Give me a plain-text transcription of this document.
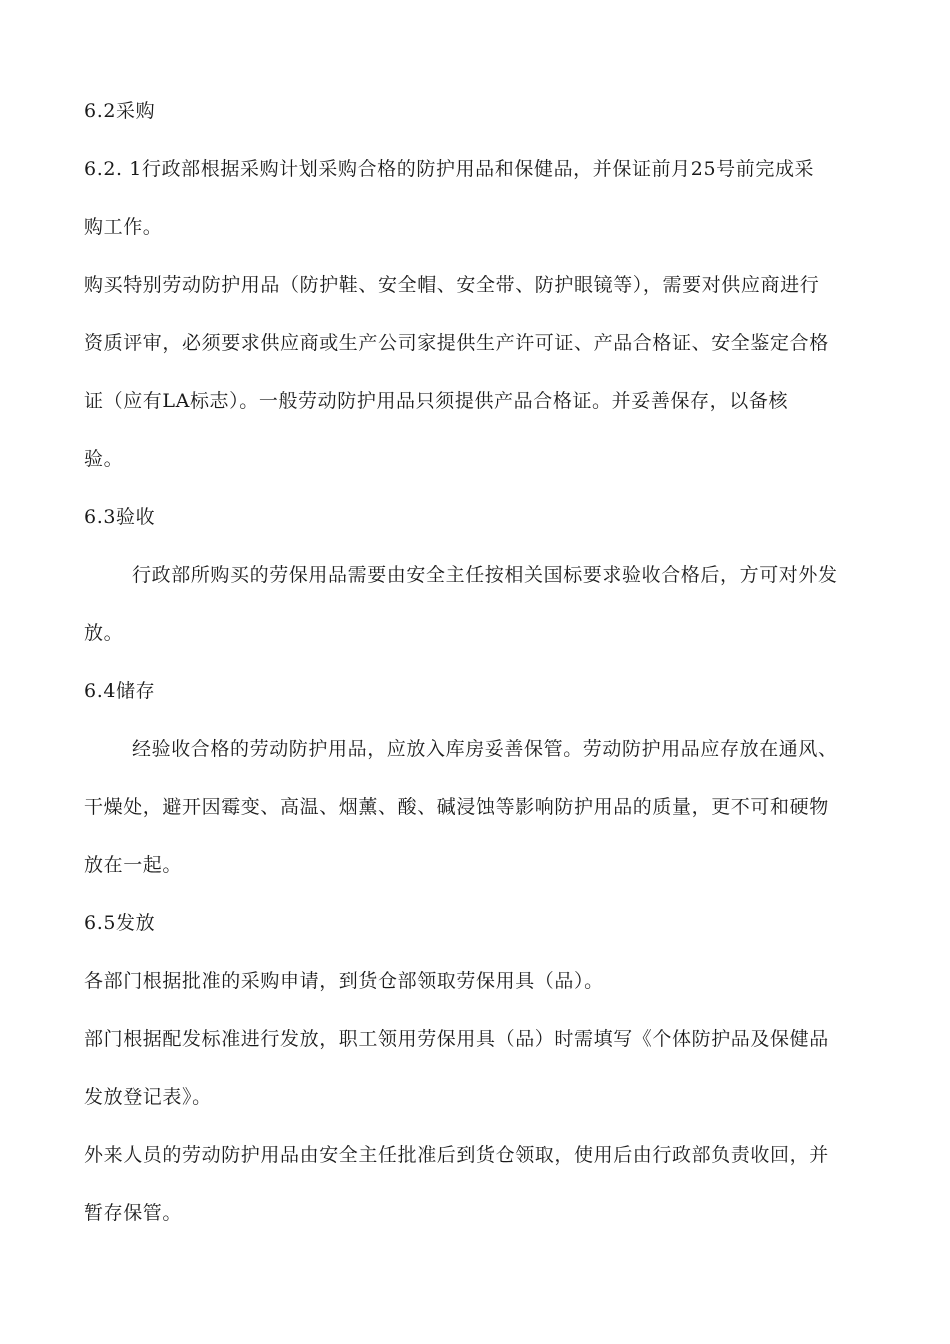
6.2采购
6.2. 1行政部根据采购计划采购合格的防护用品和保健品，并保证前月25号前完成采
购工作。
购买特别劳动防护用品（防护鞋、安全帽、安全带、防护眼镜等），需要对供应商进行
资质评审，必须要求供应商或生产公司家提供生产许可证、产品合格证、安全鉴定合格
证（应有LA标志）。一般劳动防护用品只须提供产品合格证。并妥善保存，以备核
验。
6.3验收
行政部所购买的劳保用品需要由安全主任按相关国标要求验收合格后，方可对外发
放。
6.4储存
经验收合格的劳动防护用品，应放入库房妥善保管。劳动防护用品应存放在通风、
干燥处，避开因霉变、高温、烟薰、酸、碱浸蚀等影响防护用品的质量，更不可和硬物
放在一起。
6.5发放
各部门根据批准的采购申请，到货仓部领取劳保用具（品）。
部门根据配发标准进行发放，职工领用劳保用具（品）时需填写《个体防护品及保健品
发放登记表》。
外来人员的劳动防护用品由安全主任批准后到货仓领取，使用后由行政部负责收回，并
暂存保管。
